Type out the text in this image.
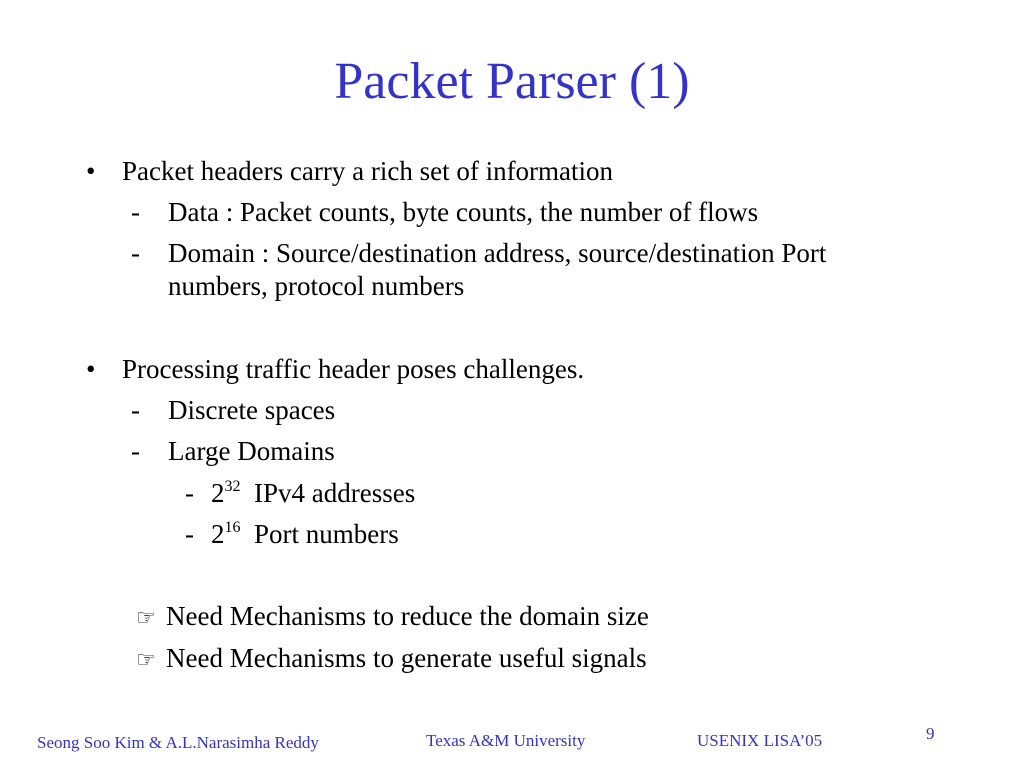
Packet Parser (1)
• Packet headers carry a rich set of information
- Data : Packet counts, byte counts, the number of flows
- Domain : Source/destination address, source/destination Port
numbers, protocol numbers
• Processing traffic header poses challenges.
- Discrete spaces
- Large Domains
- $2^{32}$ IPv4 addresses
- $2^{16}$ Port numbers
☞ Need Mechanisms to reduce the domain size
☞ Need Mechanisms to generate useful signals
Seong Soo Kim & A.L.Narasimha Reddy	Texas A&M University	USENIX LISA’05	9
